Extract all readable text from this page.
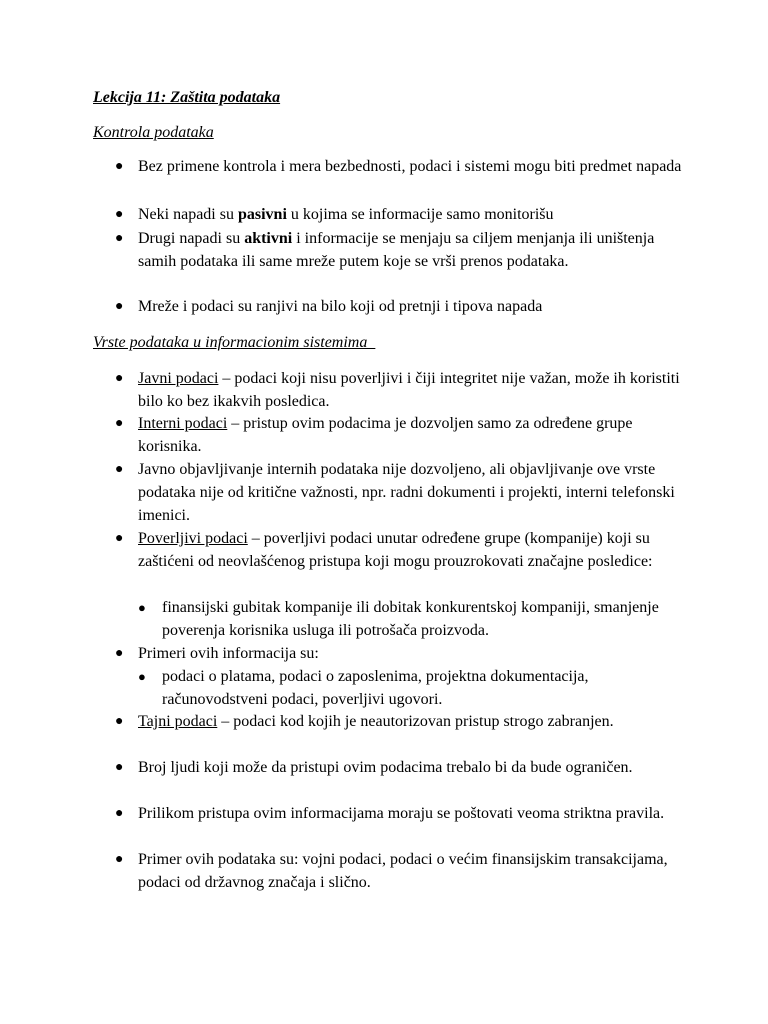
Lekcija 11: Zaštita podataka
Kontrola podataka
● Bez primene kontrola i mera bezbednosti, podaci i sistemi mogu biti predmet napada
● Neki napadi su pasivni u kojima se informacije samo monitorišu
● Drugi napadi su aktivni i informacije se menjaju sa ciljem menjanja ili uništenja samih podataka ili same mreže putem koje se vrši prenos podataka.
● Mreže i podaci su ranjivi na bilo koji od pretnji i tipova napada
Vrste podataka u informacionim sistemima
● Javni podaci – podaci koji nisu poverljivi i čiji integritet nije važan, može ih koristiti bilo ko bez ikakvih posledica.
● Interni podaci – pristup ovim podacima je dozvoljen samo za određene grupe korisnika.
● Javno objavljivanje internih podataka nije dozvoljeno, ali objavljivanje ove vrste podataka nije od kritične važnosti, npr. radni dokumenti i projekti, interni telefonski imenici.
● Poverljivi podaci – poverljivi podaci unutar određene grupe (kompanije) koji su zaštićeni od neovlašćenog pristupa koji mogu prouzrokovati značajne posledice:
● finansijski gubitak kompanije ili dobitak konkurentskoj kompaniji, smanjenje poverenja korisnika usluga ili potrošača proizvoda.
● Primeri ovih informacija su:
● podaci o platama, podaci o zaposlenima, projektna dokumentacija, računovodstveni podaci, poverljivi ugovori.
● Tajni podaci – podaci kod kojih je neautorizovan pristup strogo zabranjen.
● Broj ljudi koji može da pristupi ovim podacima trebalo bi da bude ograničen.
● Prilikom pristupa ovim informacijama moraju se poštovati veoma striktna pravila.
● Primer ovih podataka su: vojni podaci, podaci o većim finansijskim transakcijama, podaci od državnog značaja i slično.
